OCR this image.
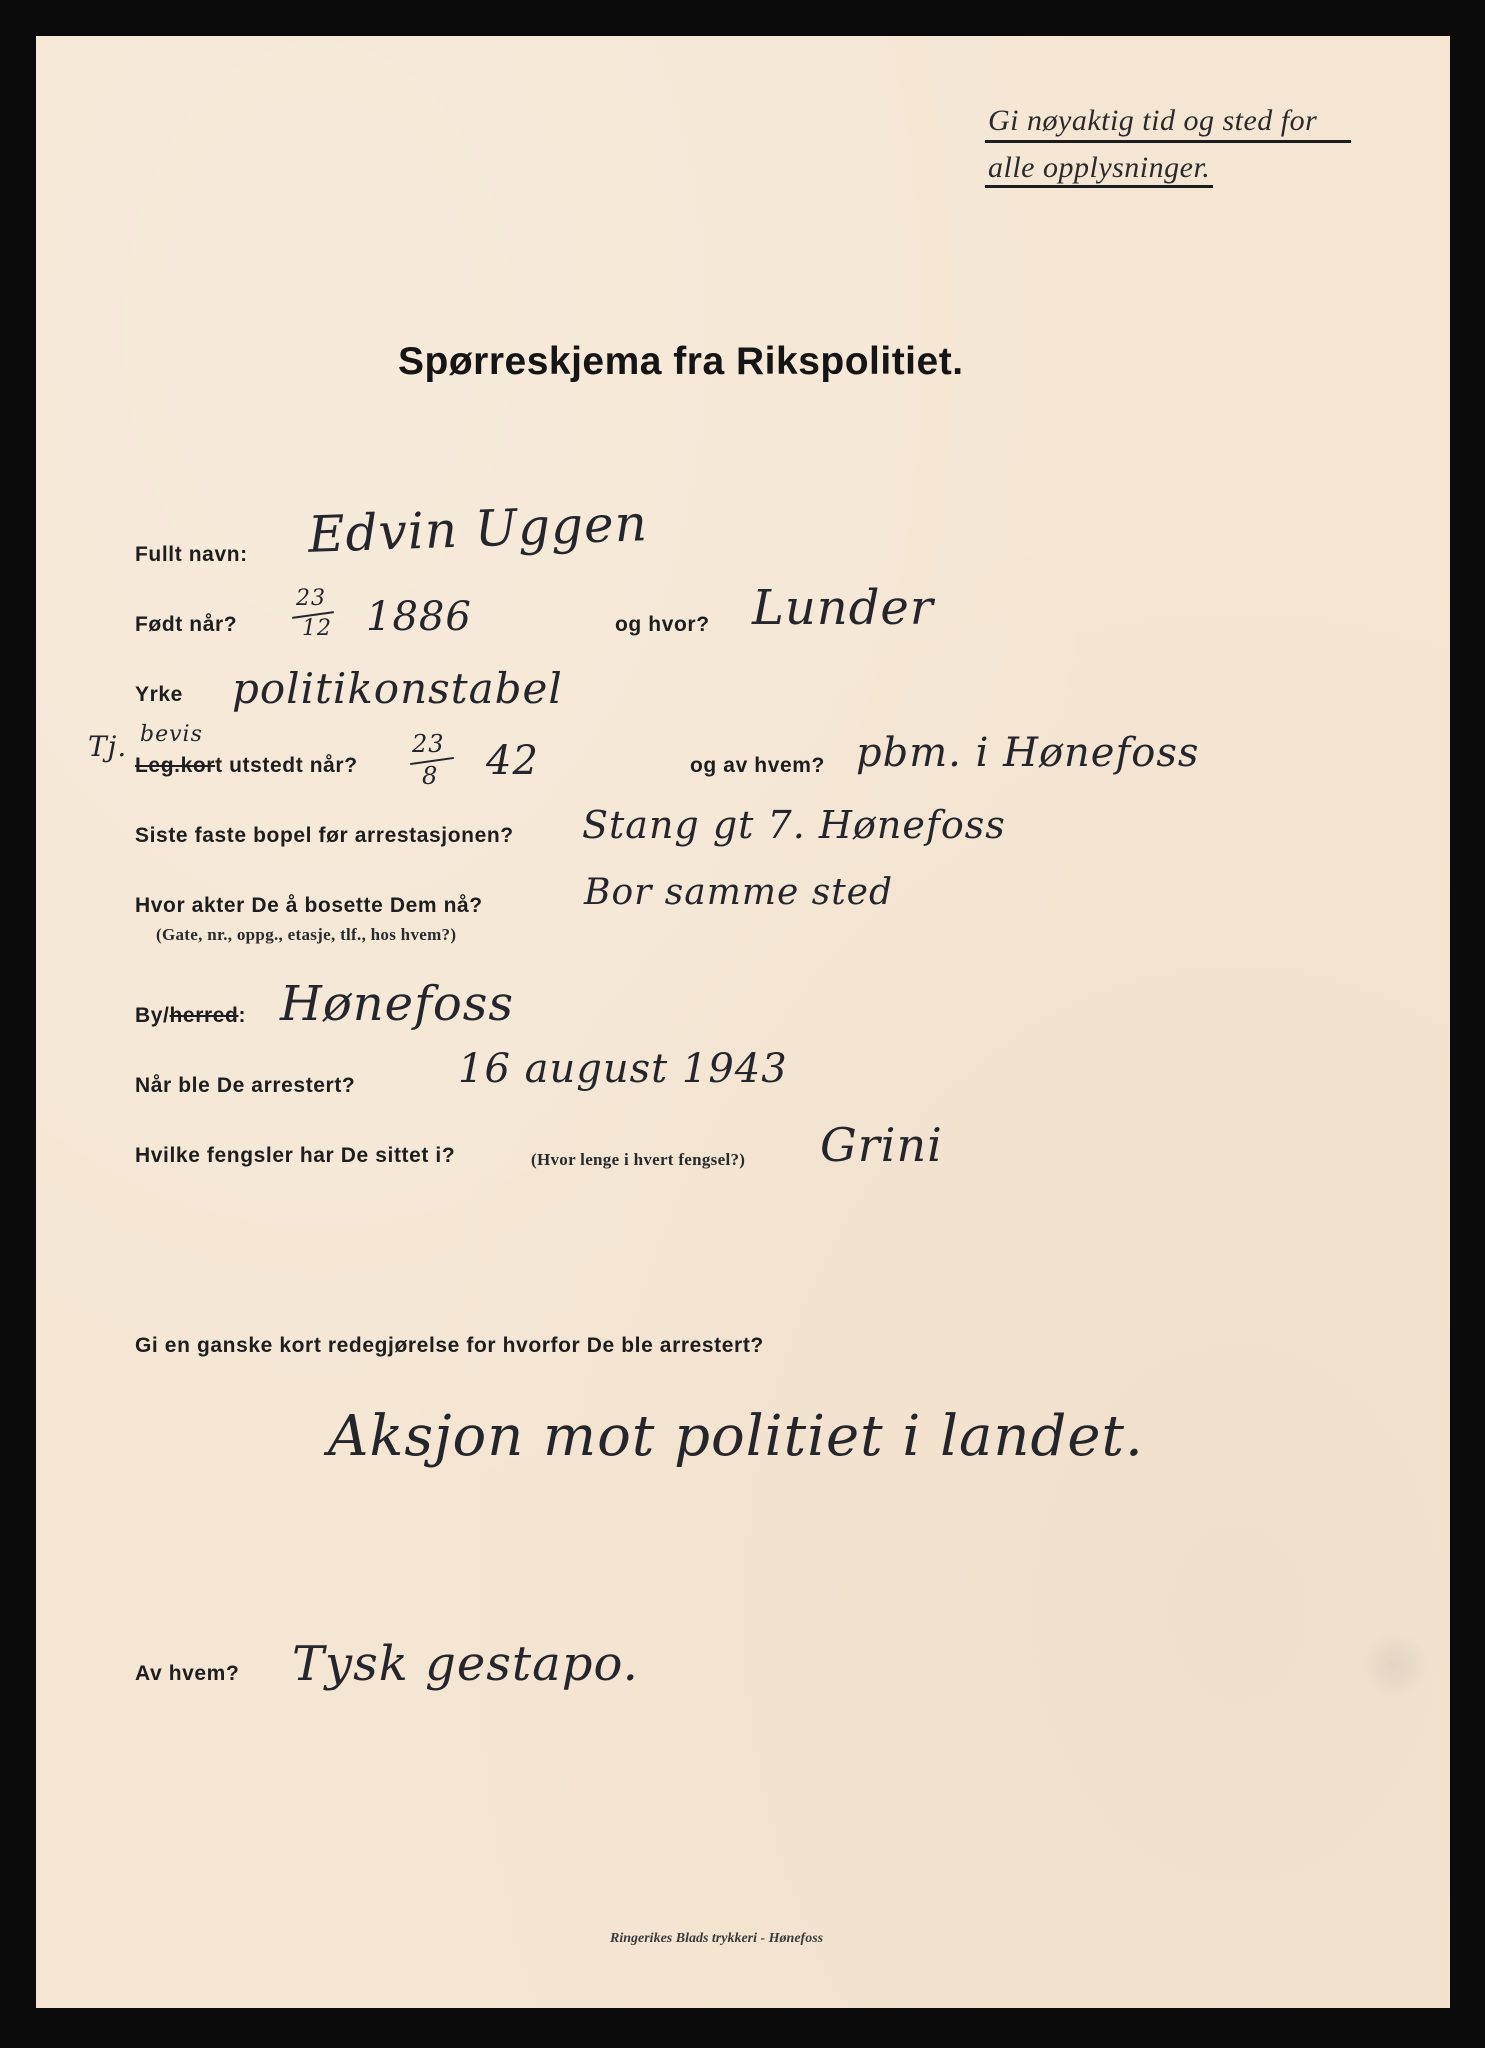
Gi nøyaktig tid og sted for
alle opplysninger.
Spørreskjema fra Rikspolitiet.
Fullt navn: Edvin Uggen
Født når?
23
12 1886	og hvor? Lunder
Yrke politikonstabel
Tj. bevis
Leg.kort utstedt når?
23
8 42	og av hvem? pbm. i Hønefoss
Siste faste bopel før arrestasjonen? Stang gt 7. Hønefoss
Hvor akter De å bosette Dem nå?
(Gate, nr., oppg., etasje, tlf., hos hvem?)
Bor samme sted
By/herred: Hønefoss
Når ble De arrestert?	16 august 1943
Hvilke fengsler har De sittet i?	(Hvor lenge i hvert fengsel?) Grini
Gi en ganske kort redegjørelse for hvorfor De ble arrestert?
Aksjon mot politiet i landet.
Av hvem? Tysk gestapo.
Ringerikes Blads trykkeri - Hønefoss
